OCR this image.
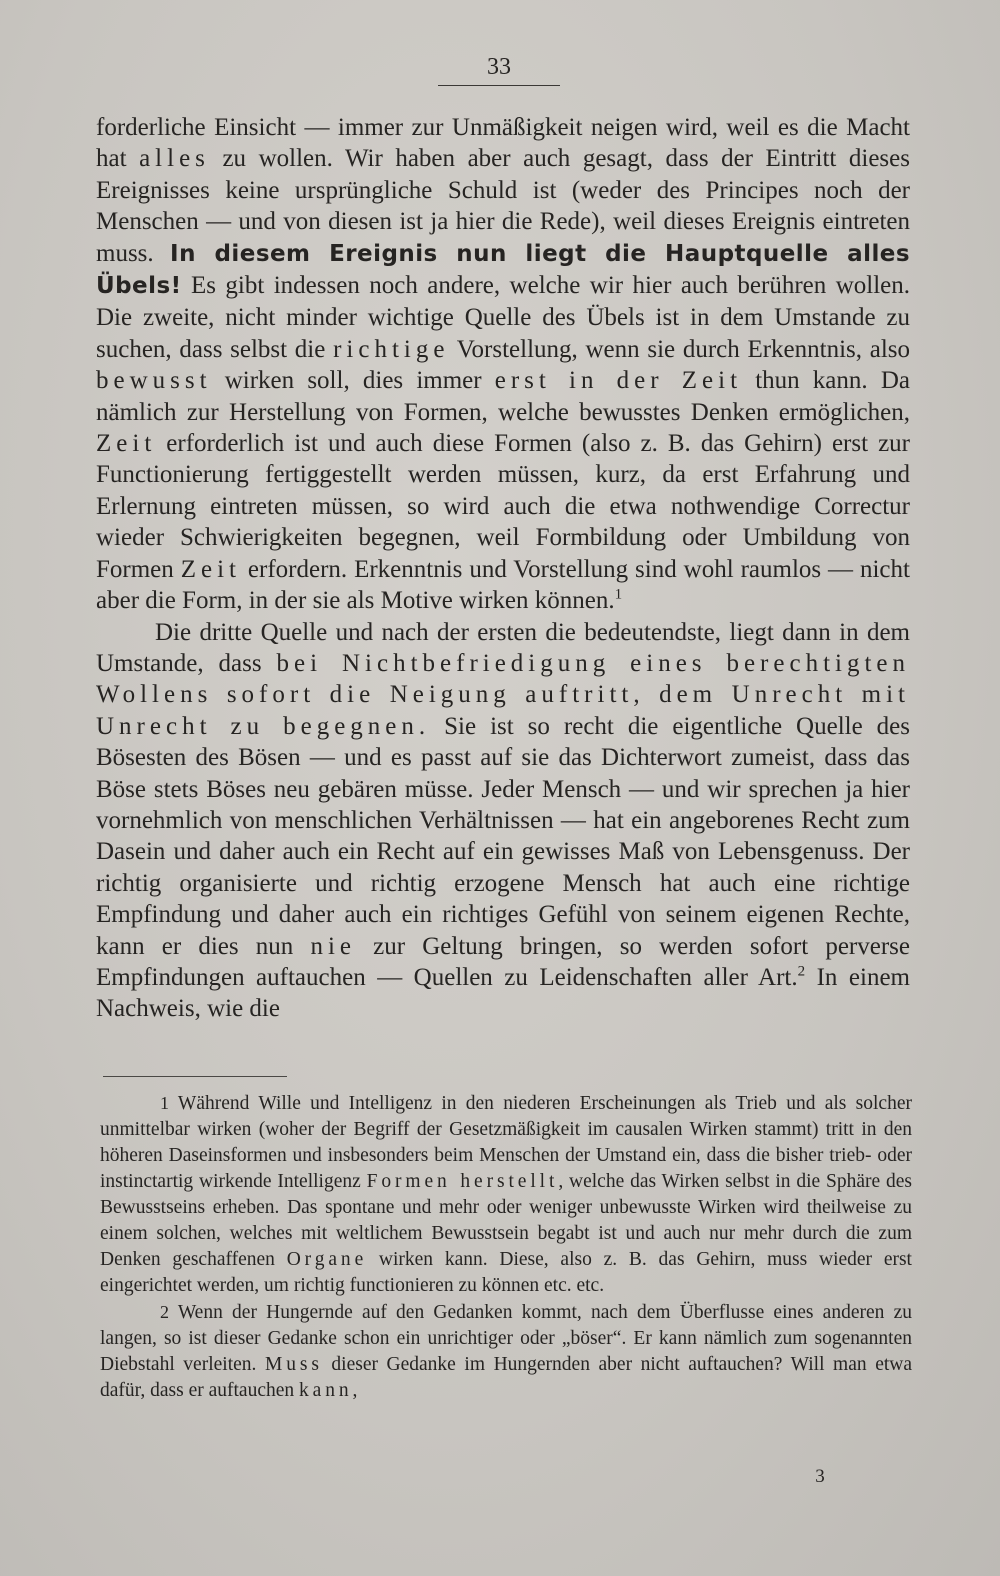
33

forderliche Einsicht — immer zur Unmäßigkeit neigen wird, weil es die Macht hat alles zu wollen. Wir haben aber auch gesagt, dass der Eintritt dieses Ereignisses keine ursprüngliche Schuld ist (weder des Principes noch der Menschen — und von diesen ist ja hier die Rede), weil dieses Ereignis eintreten muss. In diesem Ereignis nun liegt die Hauptquelle alles Übels! Es gibt indessen noch andere, welche wir hier auch berühren wollen. Die zweite, nicht minder wichtige Quelle des Übels ist in dem Umstande zu suchen, dass selbst die richtige Vorstellung, wenn sie durch Erkenntnis, also bewusst wirken soll, dies immer erst in der Zeit thun kann. Da nämlich zur Herstellung von Formen, welche bewusstes Denken ermöglichen, Zeit erforderlich ist und auch diese Formen (also z. B. das Gehirn) erst zur Functionierung fertiggestellt werden müssen, kurz, da erst Erfahrung und Erlernung eintreten müssen, so wird auch die etwa nothwendige Correctur wieder Schwierigkeiten begegnen, weil Formbildung oder Umbildung von Formen Zeit erfordern. Erkenntnis und Vorstellung sind wohl raumlos — nicht aber die Form, in der sie als Motive wirken können.$^1$

Die dritte Quelle und nach der ersten die bedeutendste, liegt dann in dem Umstande, dass bei Nichtbefriedigung eines berechtigten Wollens sofort die Neigung auftritt, dem Unrecht mit Unrecht zu begegnen. Sie ist so recht die eigentliche Quelle des Bösesten des Bösen — und es passt auf sie das Dichterwort zumeist, dass das Böse stets Böses neu gebären müsse. Jeder Mensch — und wir sprechen ja hier vornehmlich von menschlichen Verhältnissen — hat ein angeborenes Recht zum Dasein und daher auch ein Recht auf ein gewisses Maß von Lebensgenuss. Der richtig organisierte und richtig erzogene Mensch hat auch eine richtige Empfindung und daher auch ein richtiges Gefühl von seinem eigenen Rechte, kann er dies nun nie zur Geltung bringen, so werden sofort perverse Empfindungen auftauchen — Quellen zu Leidenschaften aller Art.$^2$ In einem Nachweis, wie die

1 Während Wille und Intelligenz in den niederen Erscheinungen als Trieb und als solcher unmittelbar wirken (woher der Begriff der Gesetzmäßigkeit im causalen Wirken stammt) tritt in den höheren Daseinsformen und insbesonders beim Menschen der Umstand ein, dass die bisher trieb- oder instinctartig wirkende Intelligenz Formen herstellt, welche das Wirken selbst in die Sphäre des Bewusstseins erheben. Das spontane und mehr oder weniger unbewusste Wirken wird theilweise zu einem solchen, welches mit weltlichem Bewusstsein begabt ist und auch nur mehr durch die zum Denken geschaffenen Organe wirken kann. Diese, also z. B. das Gehirn, muss wieder erst eingerichtet werden, um richtig functionieren zu können etc. etc.

2 Wenn der Hungernde auf den Gedanken kommt, nach dem Überflusse eines anderen zu langen, so ist dieser Gedanke schon ein unrichtiger oder „böser“. Er kann nämlich zum sogenannten Diebstahl verleiten. Muss dieser Gedanke im Hungernden aber nicht auftauchen? Will man etwa dafür, dass er auftauchen kann,

3
